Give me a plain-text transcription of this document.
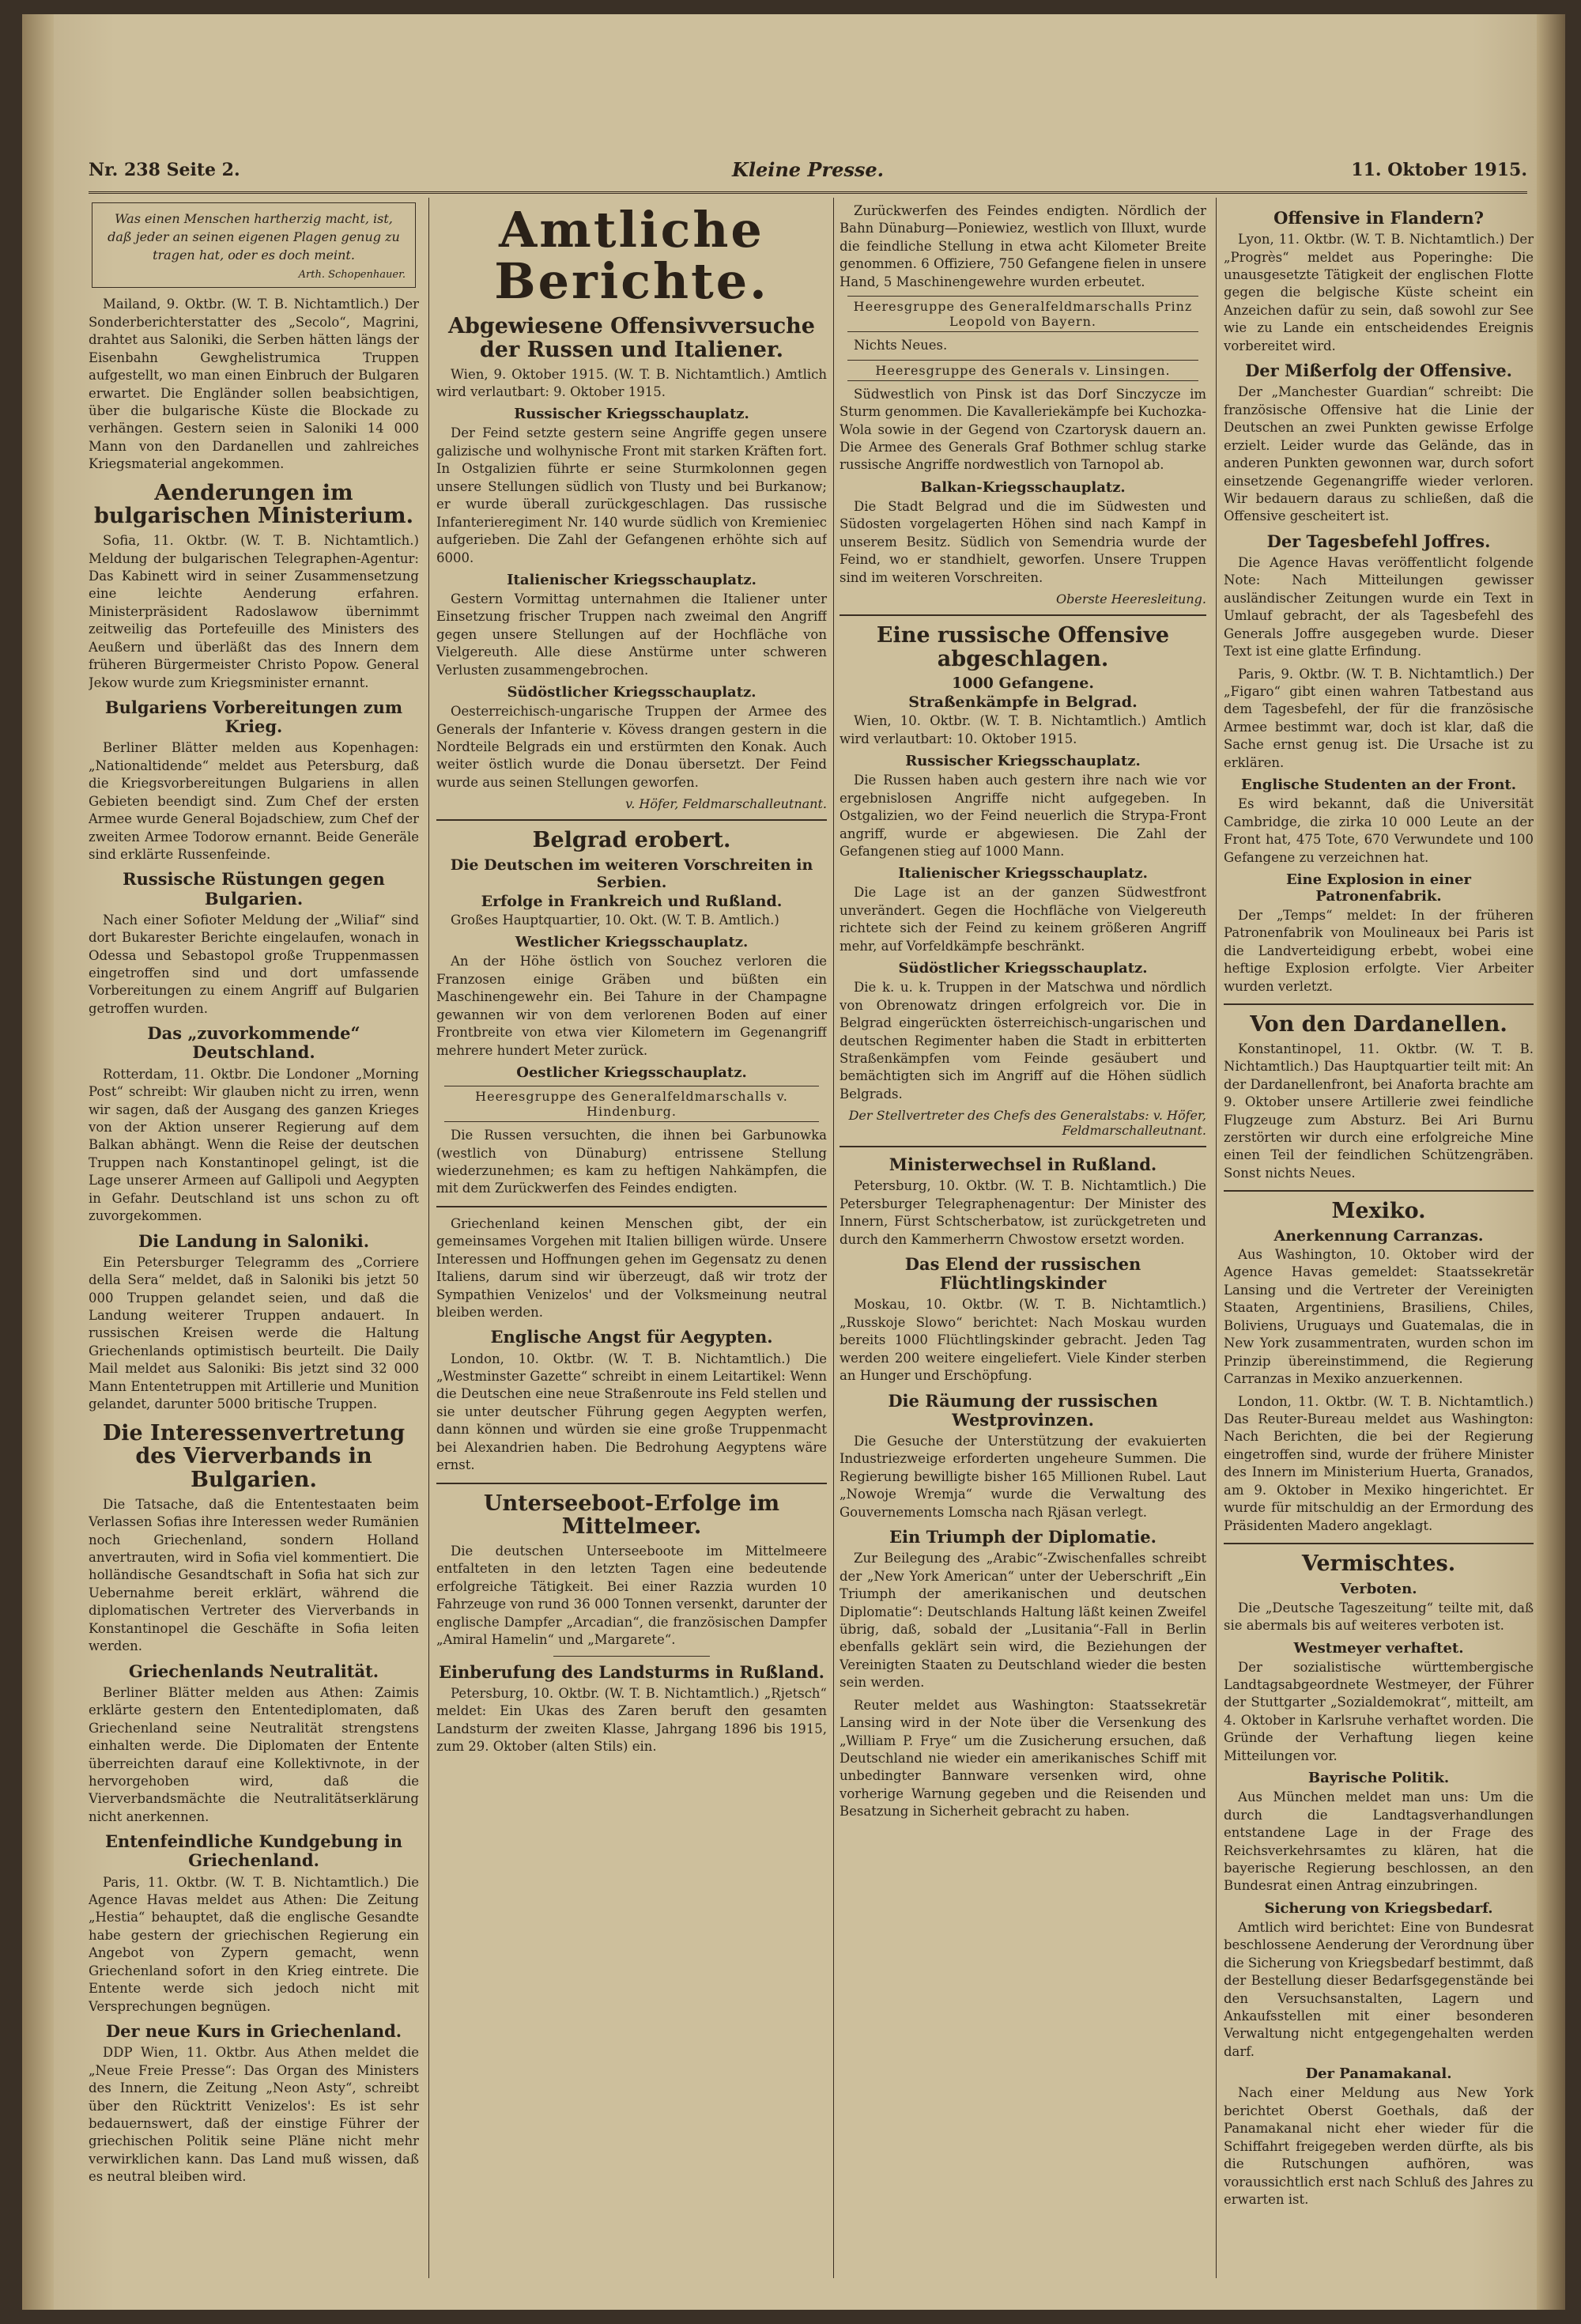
Nr. 238 Seite 2.	Kleine Presse.	11. Oktober 1915.
Was einen Menschen hartherzig macht, ist, daß jeder an seinen eigenen Plagen genug zu tragen hat, oder es doch meint.
Arth. Schopenhauer.

Mailand, 9. Oktbr. (W. T. B. Nichtamtlich.) Der Sonderberichterstatter des „Secolo“, Magrini, drahtet aus Saloniki, die Serben hätten längs der Eisenbahn Gewghelistrumica Truppen aufgestellt, wo man einen Einbruch der Bulgaren erwartet. Die Engländer sollen beabsichtigen, über die bulgarische Küste die Blockade zu verhängen. Gestern seien in Saloniki 14 000 Mann von den Dardanellen und zahlreiches Kriegsmaterial angekommen.

Aenderungen im bulgarischen Ministerium.

Sofia, 11. Oktbr. (W. T. B. Nichtamtlich.) Meldung der bulgarischen Telegraphen-Agentur: Das Kabinett wird in seiner Zusammensetzung eine leichte Aenderung erfahren. Ministerpräsident Radoslawow übernimmt zeitweilig das Portefeuille des Ministers des Aeußern und überläßt das des Innern dem früheren Bürgermeister Christo Popow. General Jekow wurde zum Kriegsminister ernannt.

Bulgariens Vorbereitungen zum Krieg.

Berliner Blätter melden aus Kopenhagen: „Nationaltidende“ meldet aus Petersburg, daß die Kriegsvorbereitungen Bulgariens in allen Gebieten beendigt sind. Zum Chef der ersten Armee wurde General Bojadschiew, zum Chef der zweiten Armee Todorow ernannt. Beide Generäle sind erklärte Russenfeinde.

Russische Rüstungen gegen Bulgarien.

Nach einer Sofioter Meldung der „Wiliaf“ sind dort Bukarester Berichte eingelaufen, wonach in Odessa und Sebastopol große Truppenmassen eingetroffen sind und dort umfassende Vorbereitungen zu einem Angriff auf Bulgarien getroffen wurden.

Das „zuvorkommende“ Deutschland.

Rotterdam, 11. Oktbr. Die Londoner „Morning Post“ schreibt: Wir glauben nicht zu irren, wenn wir sagen, daß der Ausgang des ganzen Krieges von der Aktion unserer Regierung auf dem Balkan abhängt. Wenn die Reise der deutschen Truppen nach Konstantinopel gelingt, ist die Lage unserer Armeen auf Gallipoli und Aegypten in Gefahr. Deutschland ist uns schon zu oft zuvorgekommen.

Die Landung in Saloniki.

Ein Petersburger Telegramm des „Corriere della Sera“ meldet, daß in Saloniki bis jetzt 50 000 Truppen gelandet seien, und daß die Landung weiterer Truppen andauert. In russischen Kreisen werde die Haltung Griechenlands optimistisch beurteilt. Die Daily Mail meldet aus Saloniki: Bis jetzt sind 32 000 Mann Ententetruppen mit Artillerie und Munition gelandet, darunter 5000 britische Truppen.

Die Interessenvertretung des Vierverbands in Bulgarien.

Die Tatsache, daß die Ententestaaten beim Verlassen Sofias ihre Interessen weder Rumänien noch Griechenland, sondern Holland anvertrauten, wird in Sofia viel kommentiert. Die holländische Gesandtschaft in Sofia hat sich zur Uebernahme bereit erklärt, während die diplomatischen Vertreter des Vierverbands in Konstantinopel die Geschäfte in Sofia leiten werden.

Griechenlands Neutralität.

Berliner Blätter melden aus Athen: Zaimis erklärte gestern den Ententediplomaten, daß Griechenland seine Neutralität strengstens einhalten werde. Die Diplomaten der Entente überreichten darauf eine Kollektivnote, in der hervorgehoben wird, daß die Vierverbandsmächte die Neutralitätserklärung nicht anerkennen.

Entenfeindliche Kundgebung in Griechenland.

Paris, 11. Oktbr. (W. T. B. Nichtamtlich.) Die Agence Havas meldet aus Athen: Die Zeitung „Hestia“ behauptet, daß die englische Gesandte habe gestern der griechischen Regierung ein Angebot von Zypern gemacht, wenn Griechenland sofort in den Krieg eintrete. Die Entente werde sich jedoch nicht mit Versprechungen begnügen.

Der neue Kurs in Griechenland.

DDP Wien, 11. Oktbr. Aus Athen meldet die „Neue Freie Presse“: Das Organ des Ministers des Innern, die Zeitung „Neon Asty“, schreibt über den Rücktritt Venizelos': Es ist sehr bedauernswert, daß der einstige Führer der griechischen Politik seine Pläne nicht mehr verwirklichen kann. Das Land muß wissen, daß es neutral bleiben wird.

Amtliche Berichte.
Abgewiesene Offensivversuche der Russen und Italiener.

Wien, 9. Oktober 1915. (W. T. B. Nichtamtlich.) Amtlich wird verlautbart: 9. Oktober 1915.

Russischer Kriegsschauplatz.

Der Feind setzte gestern seine Angriffe gegen unsere galizische und wolhynische Front mit starken Kräften fort. In Ostgalizien führte er seine Sturmkolonnen gegen unsere Stellungen südlich von Tlusty und bei Burkanow; er wurde überall zurückgeschlagen. Das russische Infanterieregiment Nr. 140 wurde südlich von Kremieniec aufgerieben. Die Zahl der Gefangenen erhöhte sich auf 6000.

Italienischer Kriegsschauplatz.

Gestern Vormittag unternahmen die Italiener unter Einsetzung frischer Truppen nach zweimal den Angriff gegen unsere Stellungen auf der Hochfläche von Vielgereuth. Alle diese Anstürme unter schweren Verlusten zusammengebrochen.

Südöstlicher Kriegsschauplatz.

Oesterreichisch-ungarische Truppen der Armee des Generals der Infanterie v. Kövess drangen gestern in die Nordteile Belgrads ein und erstürmten den Konak. Auch weiter östlich wurde die Donau übersetzt. Der Feind wurde aus seinen Stellungen geworfen.

v. Höfer, Feldmarschalleutnant.
Belgrad erobert.
Die Deutschen im weiteren Vorschreiten in Serbien.
Erfolge in Frankreich und Rußland.

Großes Hauptquartier, 10. Okt. (W. T. B. Amtlich.)

Westlicher Kriegsschauplatz.

An der Höhe östlich von Souchez verloren die Franzosen einige Gräben und büßten ein Maschinengewehr ein. Bei Tahure in der Champagne gewannen wir von dem verlorenen Boden auf einer Frontbreite von etwa vier Kilometern im Gegenangriff mehrere hundert Meter zurück.

Oestlicher Kriegsschauplatz.
Heeresgruppe des Generalfeldmarschalls v. Hindenburg.

Die Russen versuchten, die ihnen bei Garbunowka (westlich von Dünaburg) entrissene Stellung wiederzunehmen; es kam zu heftigen Nahkämpfen, die mit dem Zurückwerfen des Feindes endigten.

Griechenland keinen Menschen gibt, der ein gemeinsames Vorgehen mit Italien billigen würde. Unsere Interessen und Hoffnungen gehen im Gegensatz zu denen Italiens, darum sind wir überzeugt, daß wir trotz der Sympathien Venizelos' und der Volksmeinung neutral bleiben werden.

Englische Angst für Aegypten.

London, 10. Oktbr. (W. T. B. Nichtamtlich.) Die „Westminster Gazette“ schreibt in einem Leitartikel: Wenn die Deutschen eine neue Straßenroute ins Feld stellen und sie unter deutscher Führung gegen Aegypten werfen, dann können und würden sie eine große Truppenmacht bei Alexandrien haben. Die Bedrohung Aegyptens wäre ernst.

Unterseeboot-Erfolge im Mittelmeer.

Die deutschen Unterseeboote im Mittelmeere entfalteten in den letzten Tagen eine bedeutende erfolgreiche Tätigkeit. Bei einer Razzia wurden 10 Fahrzeuge von rund 36 000 Tonnen versenkt, darunter der englische Dampfer „Arcadian“, die französischen Dampfer „Amiral Hamelin“ und „Margarete“.

Einberufung des Landsturms in Rußland.

Petersburg, 10. Oktbr. (W. T. B. Nichtamtlich.) „Rjetsch“ meldet: Ein Ukas des Zaren beruft den gesamten Landsturm der zweiten Klasse, Jahrgang 1896 bis 1915, zum 29. Oktober (alten Stils) ein.

Zurückwerfen des Feindes endigten. Nördlich der Bahn Dünaburg—Poniewiez, westlich von Illuxt, wurde die feindliche Stellung in etwa acht Kilometer Breite genommen. 6 Offiziere, 750 Gefangene fielen in unsere Hand, 5 Maschinengewehre wurden erbeutet.

Heeresgruppe des Generalfeldmarschalls Prinz Leopold von Bayern.

Nichts Neues.

Heeresgruppe des Generals v. Linsingen.

Südwestlich von Pinsk ist das Dorf Sinczycze im Sturm genommen. Die Kavalleriekämpfe bei Kuchozka-Wola sowie in der Gegend von Czartorysk dauern an. Die Armee des Generals Graf Bothmer schlug starke russische Angriffe nordwestlich von Tarnopol ab.

Balkan-Kriegsschauplatz.

Die Stadt Belgrad und die im Südwesten und Südosten vorgelagerten Höhen sind nach Kampf in unserem Besitz. Südlich von Semendria wurde der Feind, wo er standhielt, geworfen. Unsere Truppen sind im weiteren Vorschreiten.

Oberste Heeresleitung.
Eine russische Offensive abgeschlagen.
1000 Gefangene.
Straßenkämpfe in Belgrad.

Wien, 10. Oktbr. (W. T. B. Nichtamtlich.) Amtlich wird verlautbart: 10. Oktober 1915.

Russischer Kriegsschauplatz.

Die Russen haben auch gestern ihre nach wie vor ergebnislosen Angriffe nicht aufgegeben. In Ostgalizien, wo der Feind neuerlich die Strypa-Front angriff, wurde er abgewiesen. Die Zahl der Gefangenen stieg auf 1000 Mann.

Italienischer Kriegsschauplatz.

Die Lage ist an der ganzen Südwestfront unverändert. Gegen die Hochfläche von Vielgereuth richtete sich der Feind zu keinem größeren Angriff mehr, auf Vorfeldkämpfe beschränkt.

Südöstlicher Kriegsschauplatz.

Die k. u. k. Truppen in der Matschwa und nördlich von Obrenowatz dringen erfolgreich vor. Die in Belgrad eingerückten österreichisch-ungarischen und deutschen Regimenter haben die Stadt in erbitterten Straßenkämpfen vom Feinde gesäubert und bemächtigten sich im Angriff auf die Höhen südlich Belgrads.

Der Stellvertreter des Chefs des Generalstabs: v. Höfer, Feldmarschalleutnant.
Ministerwechsel in Rußland.

Petersburg, 10. Oktbr. (W. T. B. Nichtamtlich.) Die Petersburger Telegraphenagentur: Der Minister des Innern, Fürst Schtscherbatow, ist zurückgetreten und durch den Kammerherrn Chwostow ersetzt worden.

Das Elend der russischen Flüchtlingskinder

Moskau, 10. Oktbr. (W. T. B. Nichtamtlich.) „Russkoje Slowo“ berichtet: Nach Moskau wurden bereits 1000 Flüchtlingskinder gebracht. Jeden Tag werden 200 weitere eingeliefert. Viele Kinder sterben an Hunger und Erschöpfung.

Die Räumung der russischen Westprovinzen.

Die Gesuche der Unterstützung der evakuierten Industriezweige erforderten ungeheure Summen. Die Regierung bewilligte bisher 165 Millionen Rubel. Laut „Nowoje Wremja“ wurde die Verwaltung des Gouvernements Lomscha nach Rjäsan verlegt.

Ein Triumph der Diplomatie.

Zur Beilegung des „Arabic“-Zwischenfalles schreibt der „New York American“ unter der Ueberschrift „Ein Triumph der amerikanischen und deutschen Diplomatie“: Deutschlands Haltung läßt keinen Zweifel übrig, daß, sobald der „Lusitania“-Fall in Berlin ebenfalls geklärt sein wird, die Beziehungen der Vereinigten Staaten zu Deutschland wieder die besten sein werden.

Reuter meldet aus Washington: Staatssekretär Lansing wird in der Note über die Versenkung des „William P. Frye“ um die Zusicherung ersuchen, daß Deutschland nie wieder ein amerikanisches Schiff mit unbedingter Bannware versenken wird, ohne vorherige Warnung gegeben und die Reisenden und Besatzung in Sicherheit gebracht zu haben.

Offensive in Flandern?

Lyon, 11. Oktbr. (W. T. B. Nichtamtlich.) Der „Progrès“ meldet aus Poperinghe: Die unausgesetzte Tätigkeit der englischen Flotte gegen die belgische Küste scheint ein Anzeichen dafür zu sein, daß sowohl zur See wie zu Lande ein entscheidendes Ereignis vorbereitet wird.

Der Mißerfolg der Offensive.

Der „Manchester Guardian“ schreibt: Die französische Offensive hat die Linie der Deutschen an zwei Punkten gewisse Erfolge erzielt. Leider wurde das Gelände, das in anderen Punkten gewonnen war, durch sofort einsetzende Gegenangriffe wieder verloren. Wir bedauern daraus zu schließen, daß die Offensive gescheitert ist.

Der Tagesbefehl Joffres.

Die Agence Havas veröffentlicht folgende Note: Nach Mitteilungen gewisser ausländischer Zeitungen wurde ein Text in Umlauf gebracht, der als Tagesbefehl des Generals Joffre ausgegeben wurde. Dieser Text ist eine glatte Erfindung.

Paris, 9. Oktbr. (W. T. B. Nichtamtlich.) Der „Figaro“ gibt einen wahren Tatbestand aus dem Tagesbefehl, der für die französische Armee bestimmt war, doch ist klar, daß die Sache ernst genug ist. Die Ursache ist zu erklären.

Englische Studenten an der Front.

Es wird bekannt, daß die Universität Cambridge, die zirka 10 000 Leute an der Front hat, 475 Tote, 670 Verwundete und 100 Gefangene zu verzeichnen hat.

Eine Explosion in einer Patronenfabrik.

Der „Temps“ meldet: In der früheren Patronenfabrik von Moulineaux bei Paris ist die Landverteidigung erbebt, wobei eine heftige Explosion erfolgte. Vier Arbeiter wurden verletzt.

Von den Dardanellen.

Konstantinopel, 11. Oktbr. (W. T. B. Nichtamtlich.) Das Hauptquartier teilt mit: An der Dardanellenfront, bei Anaforta brachte am 9. Oktober unsere Artillerie zwei feindliche Flugzeuge zum Absturz. Bei Ari Burnu zerstörten wir durch eine erfolgreiche Mine einen Teil der feindlichen Schützengräben. Sonst nichts Neues.

Mexiko.
Anerkennung Carranzas.

Aus Washington, 10. Oktober wird der Agence Havas gemeldet: Staatssekretär Lansing und die Vertreter der Vereinigten Staaten, Argentiniens, Brasiliens, Chiles, Boliviens, Uruguays und Guatemalas, die in New York zusammentraten, wurden schon im Prinzip übereinstimmend, die Regierung Carranzas in Mexiko anzuerkennen.

London, 11. Oktbr. (W. T. B. Nichtamtlich.) Das Reuter-Bureau meldet aus Washington: Nach Berichten, die bei der Regierung eingetroffen sind, wurde der frühere Minister des Innern im Ministerium Huerta, Granados, am 9. Oktober in Mexiko hingerichtet. Er wurde für mitschuldig an der Ermordung des Präsidenten Madero angeklagt.

Vermischtes.
Verboten.

Die „Deutsche Tageszeitung“ teilte mit, daß sie abermals bis auf weiteres verboten ist.

Westmeyer verhaftet.

Der sozialistische württembergische Landtagsabgeordnete Westmeyer, der Führer der Stuttgarter „Sozialdemokrat“, mitteilt, am 4. Oktober in Karlsruhe verhaftet worden. Die Gründe der Verhaftung liegen keine Mitteilungen vor.

Bayrische Politik.

Aus München meldet man uns: Um die durch die Landtagsverhandlungen entstandene Lage in der Frage des Reichsverkehrsamtes zu klären, hat die bayerische Regierung beschlossen, an den Bundesrat einen Antrag einzubringen.

Sicherung von Kriegsbedarf.

Amtlich wird berichtet: Eine von Bundesrat beschlossene Aenderung der Verordnung über die Sicherung von Kriegsbedarf bestimmt, daß der Bestellung dieser Bedarfsgegenstände bei den Versuchsanstalten, Lagern und Ankaufsstellen mit einer besonderen Verwaltung nicht entgegengehalten werden darf.

Der Panamakanal.

Nach einer Meldung aus New York berichtet Oberst Goethals, daß der Panamakanal nicht eher wieder für die Schiffahrt freigegeben werden dürfte, als bis die Rutschungen aufhören, was voraussichtlich erst nach Schluß des Jahres zu erwarten ist.
